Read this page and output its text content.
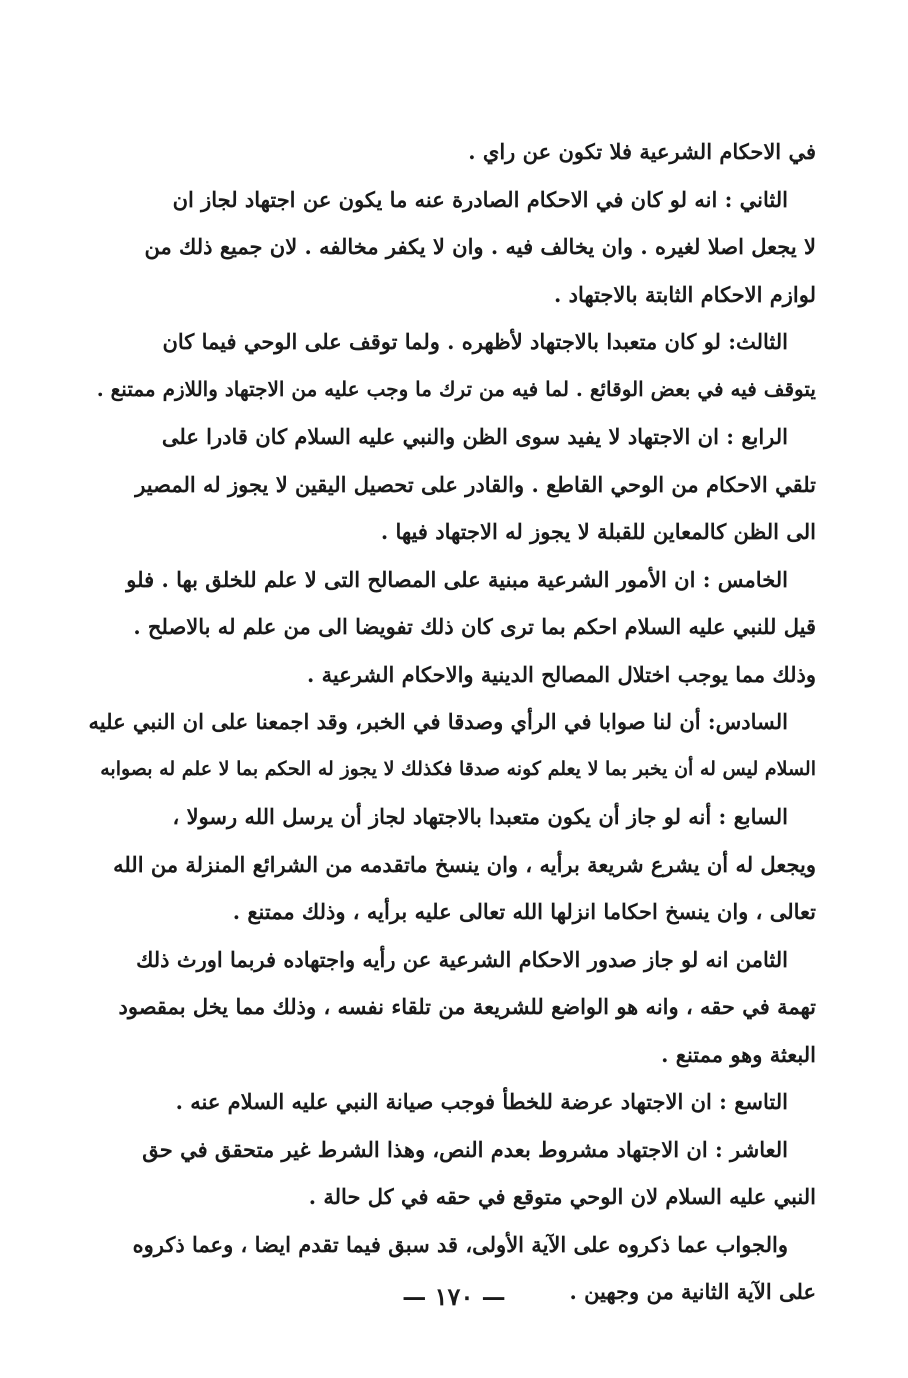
في الاحكام الشرعية فلا تكون عن راي .
الثاني : انه لو كان في الاحكام الصادرة عنه ما يكون عن اجتهاد لجاز ان
لا يجعل اصلا لغيره . وان يخالف فيه . وان لا يكفر مخالفه . لان جميع ذلك من
لوازم الاحكام الثابتة بالاجتهاد .
الثالث: لو كان متعبدا بالاجتهاد لأظهره . ولما توقف على الوحي فيما كان
يتوقف فيه في بعض الوقائع . لما فيه من ترك ما وجب عليه من الاجتهاد واللازم ممتنع .
الرابع : ان الاجتهاد لا يفيد سوى الظن والنبي عليه السلام كان قادرا على
تلقي الاحكام من الوحي القاطع . والقادر على تحصيل اليقين لا يجوز له المصير
الى الظن كالمعاين للقبلة لا يجوز له الاجتهاد فيها .
الخامس : ان الأمور الشرعية مبنية على المصالح التى لا علم للخلق بها . فلو
قيل للنبي عليه السلام احكم بما ترى كان ذلك تفويضا الى من علم له بالاصلح .
وذلك مما يوجب اختلال المصالح الدينية والاحكام الشرعية .
السادس: أن لنا صوابا في الرأي وصدقا في الخبر، وقد اجمعنا على ان النبي عليه
السلام ليس له أن يخبر بما لا يعلم كونه صدقا فكذلك لا يجوز له الحكم بما لا علم له بصوابه
السابع : أنه لو جاز أن يكون متعبدا بالاجتهاد لجاز أن يرسل الله رسولا ،
ويجعل له أن يشرع شريعة برأيه ، وان ينسخ ماتقدمه من الشرائع المنزلة من الله
تعالى ، وان ينسخ احكاما انزلها الله تعالى عليه برأيه ، وذلك ممتنع .
الثامن انه لو جاز صدور الاحكام الشرعية عن رأيه واجتهاده فربما اورث ذلك
تهمة في حقه ، وانه هو الواضع للشريعة من تلقاء نفسه ، وذلك مما يخل بمقصود
البعثة وهو ممتنع .
التاسع : ان الاجتهاد عرضة للخطأ فوجب صيانة النبي عليه السلام عنه .
العاشر : ان الاجتهاد مشروط بعدم النص، وهذا الشرط غير متحقق في حق
النبي عليه السلام لان الوحي متوقع في حقه في كل حالة .
والجواب عما ذكروه على الآية الأولى، قد سبق فيما تقدم ايضا ، وعما ذكروه
على الآية الثانية من وجهين .
— ١٧٠ —
